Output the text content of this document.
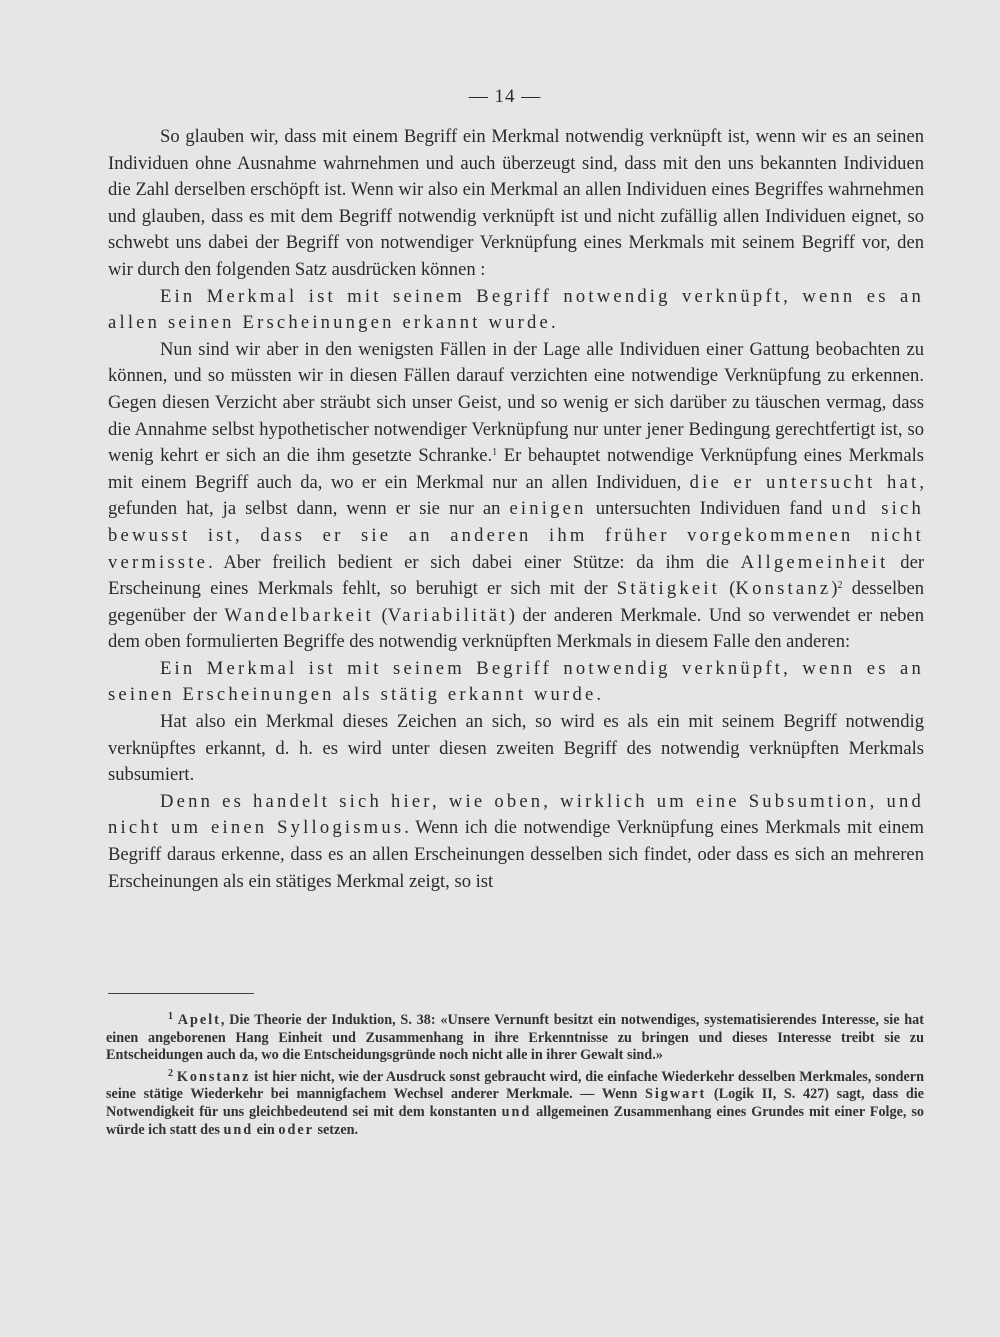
— 14 —

So glauben wir, dass mit einem Begriff ein Merkmal notwendig verknüpft ist, wenn wir es an seinen Individuen ohne Ausnahme wahrnehmen und auch überzeugt sind, dass mit den uns bekannten Individuen die Zahl derselben erschöpft ist. Wenn wir also ein Merkmal an allen Individuen eines Begriffes wahrnehmen und glauben, dass es mit dem Begriff notwendig verknüpft ist und nicht zufällig allen Individuen eignet, so schwebt uns dabei der Begriff von notwendiger Verknüpfung eines Merkmals mit seinem Begriff vor, den wir durch den folgenden Satz ausdrücken können :

Ein Merkmal ist mit seinem Begriff notwendig verknüpft, wenn es an allen seinen Erscheinungen erkannt wurde.

Nun sind wir aber in den wenigsten Fällen in der Lage alle Individuen einer Gattung beobachten zu können, und so müssten wir in diesen Fällen darauf verzichten eine notwendige Verknüpfung zu erkennen. Gegen diesen Verzicht aber sträubt sich unser Geist, und so wenig er sich darüber zu täuschen vermag, dass die Annahme selbst hypothetischer notwendiger Verknüpfung nur unter jener Bedingung gerechtfertigt ist, so wenig kehrt er sich an die ihm gesetzte Schranke.$^1$ Er behauptet notwendige Verknüpfung eines Merkmals mit einem Begriff auch da, wo er ein Merkmal nur an allen Individuen, die er untersucht hat, gefunden hat, ja selbst dann, wenn er sie nur an einigen untersuchten Individuen fand und sich bewusst ist, dass er sie an anderen ihm früher vorgekommenen nicht vermisste. Aber freilich bedient er sich dabei einer Stütze: da ihm die Allgemeinheit der Erscheinung eines Merkmals fehlt, so beruhigt er sich mit der Stätigkeit (Konstanz)$^2$ desselben gegenüber der Wandelbarkeit (Variabilität) der anderen Merkmale. Und so verwendet er neben dem oben formulierten Begriffe des notwendig verknüpften Merkmals in diesem Falle den anderen:

Ein Merkmal ist mit seinem Begriff notwendig verknüpft, wenn es an seinen Erscheinungen als stätig erkannt wurde.

Hat also ein Merkmal dieses Zeichen an sich, so wird es als ein mit seinem Begriff notwendig verknüpftes erkannt, d. h. es wird unter diesen zweiten Begriff des notwendig verknüpften Merkmals subsumiert.

Denn es handelt sich hier, wie oben, wirklich um eine Subsumtion, und nicht um einen Syllogismus. Wenn ich die notwendige Verknüpfung eines Merkmals mit einem Begriff daraus erkenne, dass es an allen Erscheinungen desselben sich findet, oder dass es sich an mehreren Erscheinungen als ein stätiges Merkmal zeigt, so ist

$^1$ Apelt, Die Theorie der Induktion, S. 38: «Unsere Vernunft besitzt ein notwendiges, systematisierendes Interesse, sie hat einen angeborenen Hang Einheit und Zusammenhang in ihre Erkenntnisse zu bringen und dieses Interesse treibt sie zu Entscheidungen auch da, wo die Entscheidungsgründe noch nicht alle in ihrer Gewalt sind.»

$^2$ Konstanz ist hier nicht, wie der Ausdruck sonst gebraucht wird, die einfache Wiederkehr desselben Merkmales, sondern seine stätige Wiederkehr bei mannigfachem Wechsel anderer Merkmale. — Wenn Sigwart (Logik II, S. 427) sagt, dass die Notwendigkeit für uns gleichbedeutend sei mit dem konstanten und allgemeinen Zusammenhang eines Grundes mit einer Folge, so würde ich statt des und ein oder setzen.
